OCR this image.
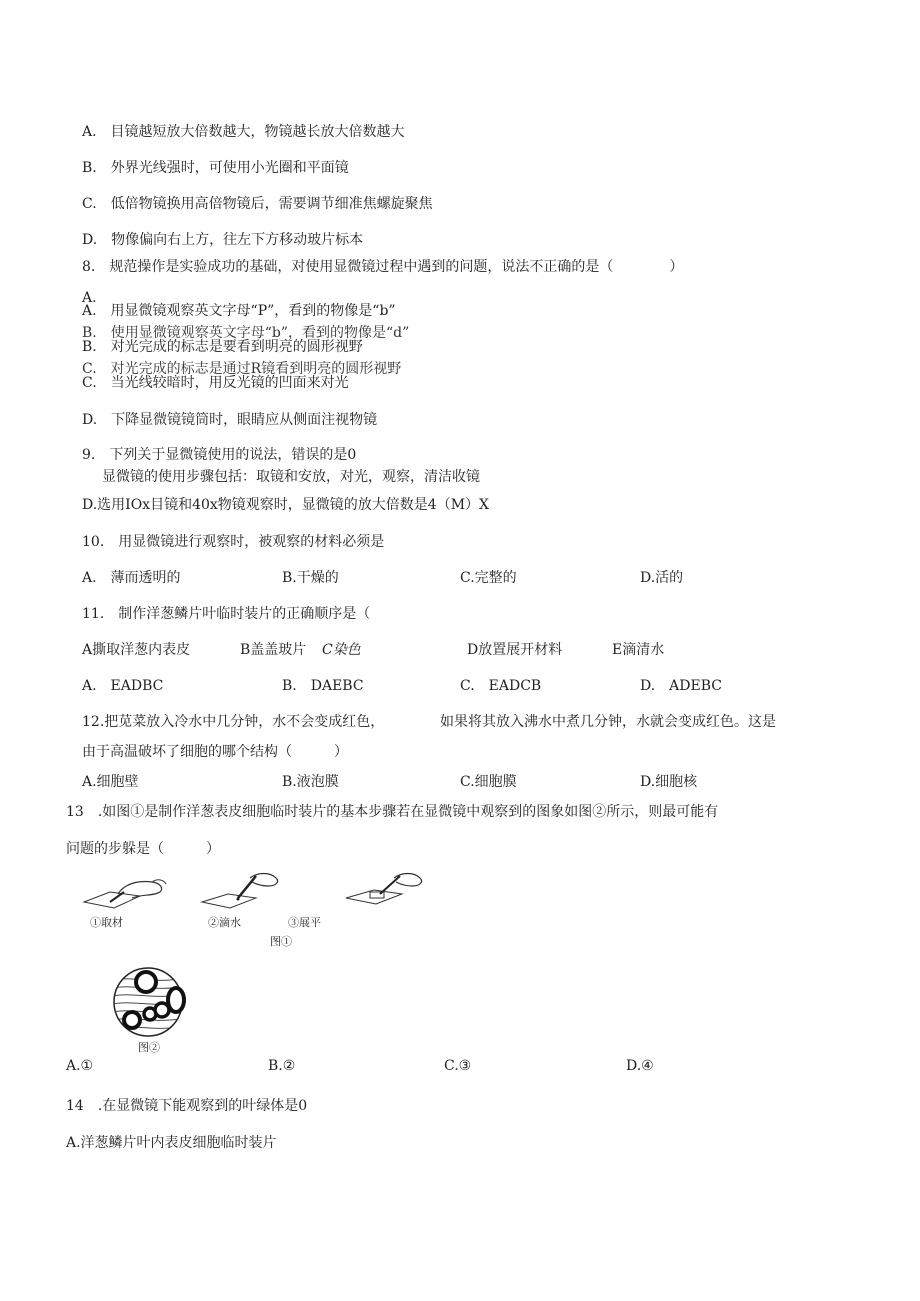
A.　目镜越短放大倍数越大，物镜越长放大倍数越大
B.　外界光线强时，可使用小光圈和平面镜
C.　低倍物镜换用高倍物镜后，需要调节细准焦螺旋聚焦
D.　物像偏向右上方，往左下方移动玻片标本
8.　规范操作是实验成功的基础，对使用显微镜过程中遇到的问题，说法不正确的是（　　　　）
A.
A.　用显微镜观察英文字母“P”，看到的物像是“b”
B.　使用显微镜观察英文字母“b”，看到的物像是“d”
B.　对光完成的标志是要看到明亮的圆形视野
C.　对光完成的标志是通过R镜看到明亮的圆形视野
C.　当光线较暗时，用反光镜的凹面来对光
D.　下降显微镜镜筒时，眼睛应从侧面注视物镜
9.　下列关于显微镜使用的说法，错误的是0
显微镜的使用步骤包括：取镜和安放，对光，观察，清洁收镜
D.选用IOx目镜和40x物镜观察时，显微镜的放大倍数是4（M）X
10.　用显微镜进行观察时，被观察的材料必须是
A.　薄而透明的	B.干燥的	C.完整的	D.活的
11.　制作洋葱鳞片叶临时装片的正确顺序是（
A撕取洋葱内表皮	B盖盖玻片 C染色	D放置展开材料	E滴清水
A.　EADBC	B.　DAEBC	C.　EADCB	D.　ADEBC
12.把苋菜放入冷水中几分钟，水不会变成红色，	如果将其放入沸水中煮几分钟，水就会变成红色。这是
由于高温破坏了细胞的哪个结构（　　　）
A.细胞壁	B.液泡膜	C.细胞膜	D.细胞核
13　.如图①是制作洋葱表皮细胞临时装片的基本步骤若在显微镜中观察到的图象如图②所示，则最可能有
问题的步躲是（　　　）
①取材	②滴水	③展平
图①
图②
A.①	B.②	C.③	D.④
14　.在显微镜下能观察到的叶绿体是0
A.洋葱鳞片叶内表皮细胞临时装片
